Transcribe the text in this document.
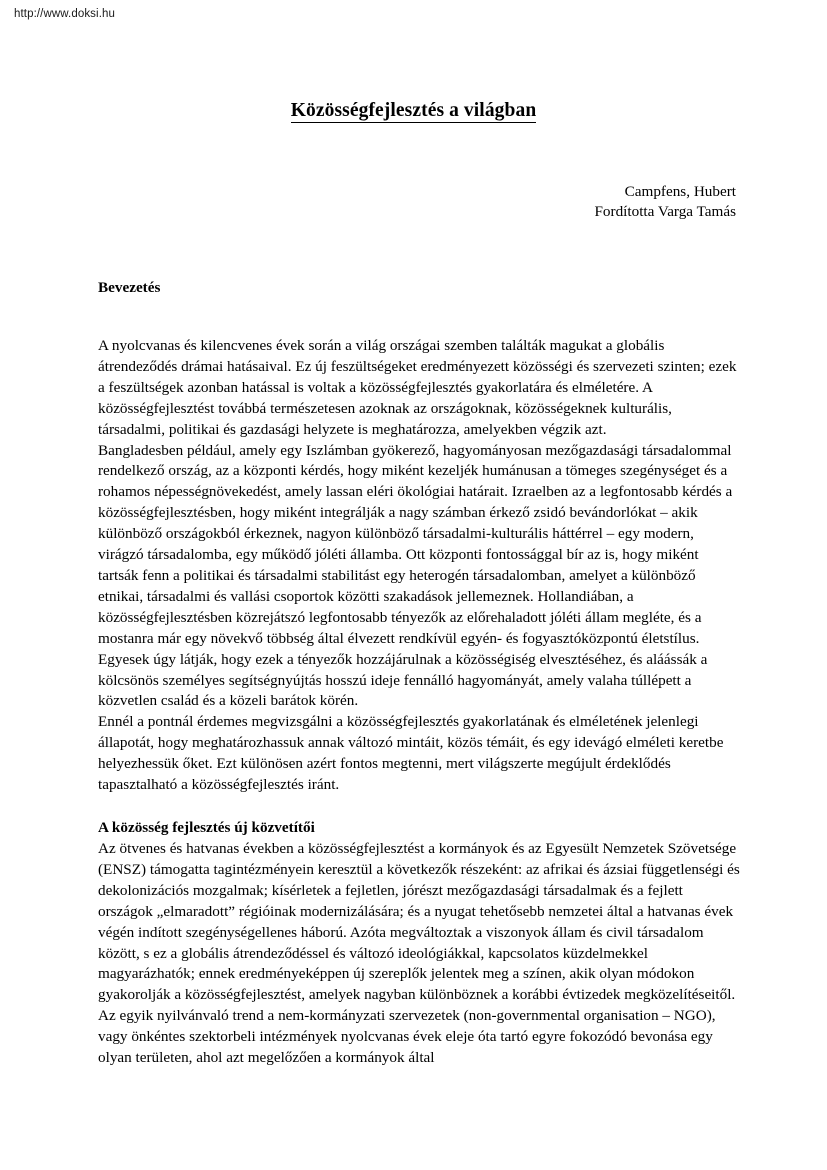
http://www.doksi.hu
Közösségfejlesztés a világban
Campfens, Hubert
Fordította Varga Tamás
Bevezetés

A nyolcvanas és kilencvenes évek során a világ országai szemben találták magukat a globális átrendeződés drámai hatásaival. Ez új feszültségeket eredményezett közösségi és szervezeti szinten; ezek a feszültségek azonban hatással is voltak a közösségfejlesztés gyakorlatára és elméletére. A közösségfejlesztést továbbá természetesen azoknak az országoknak, közösségeknek kulturális, társadalmi, politikai és gazdasági helyzete is meghatározza, amelyekben végzik azt.

Bangladesben például, amely egy Iszlámban gyökerező, hagyományosan mezőgazdasági társadalommal rendelkező ország, az a központi kérdés, hogy miként kezeljék humánusan a tömeges szegénységet és a rohamos népességnövekedést, amely lassan eléri ökológiai határait. Izraelben az a legfontosabb kérdés a közösségfejlesztésben, hogy miként integrálják a nagy számban érkező zsidó bevándorlókat – akik különböző országokból érkeznek, nagyon különböző társadalmi-kulturális háttérrel – egy modern, virágzó társadalomba, egy működő jóléti államba. Ott központi fontossággal bír az is, hogy miként tartsák fenn a politikai és társadalmi stabilitást egy heterogén társadalomban, amelyet a különböző etnikai, társadalmi és vallási csoportok közötti szakadások jellemeznek. Hollandiában, a közösségfejlesztésben közrejátszó legfontosabb tényezők az előrehaladott jóléti állam megléte, és a mostanra már egy növekvő többség által élvezett rendkívül egyén- és fogyasztóközpontú életstílus. Egyesek úgy látják, hogy ezek a tényezők hozzájárulnak a közösségiség elvesztéséhez, és aláássák a kölcsönös személyes segítségnyújtás hosszú ideje fennálló hagyományát, amely valaha túllépett a közvetlen család és a közeli barátok körén.

Ennél a pontnál érdemes megvizsgálni a közösségfejlesztés gyakorlatának és elméletének jelenlegi állapotát, hogy meghatározhassuk annak változó mintáit, közös témáit, és egy idevágó elméleti keretbe helyezhessük őket. Ezt különösen azért fontos megtenni, mert világszerte megújult érdeklődés tapasztalható a közösségfejlesztés iránt.

A közösség fejlesztés új közvetítői

Az ötvenes és hatvanas években a közösségfejlesztést a kormányok és az Egyesült Nemzetek Szövetsége (ENSZ) támogatta tagintézményein keresztül a következők részeként: az afrikai és ázsiai függetlenségi és dekolonizációs mozgalmak; kísérletek a fejletlen, jórészt mezőgazdasági társadalmak és a fejlett országok „elmaradott” régióinak modernizálására; és a nyugat tehetősebb nemzetei által a hatvanas évek végén indított szegénységellenes háború. Azóta megváltoztak a viszonyok állam és civil társadalom között, s ez a globális átrendeződéssel és változó ideológiákkal, kapcsolatos küzdelmekkel magyarázhatók; ennek eredményeképpen új szereplők jelentek meg a színen, akik olyan módokon gyakorolják a közösségfejlesztést, amelyek nagyban különböznek a korábbi évtizedek megközelítéseitől. Az egyik nyilvánvaló trend a nem-kormányzati szervezetek (non-governmental organisation – NGO), vagy önkéntes szektorbeli intézmények nyolcvanas évek eleje óta tartó egyre fokozódó bevonása egy olyan területen, ahol azt megelőzően a kormányok által
